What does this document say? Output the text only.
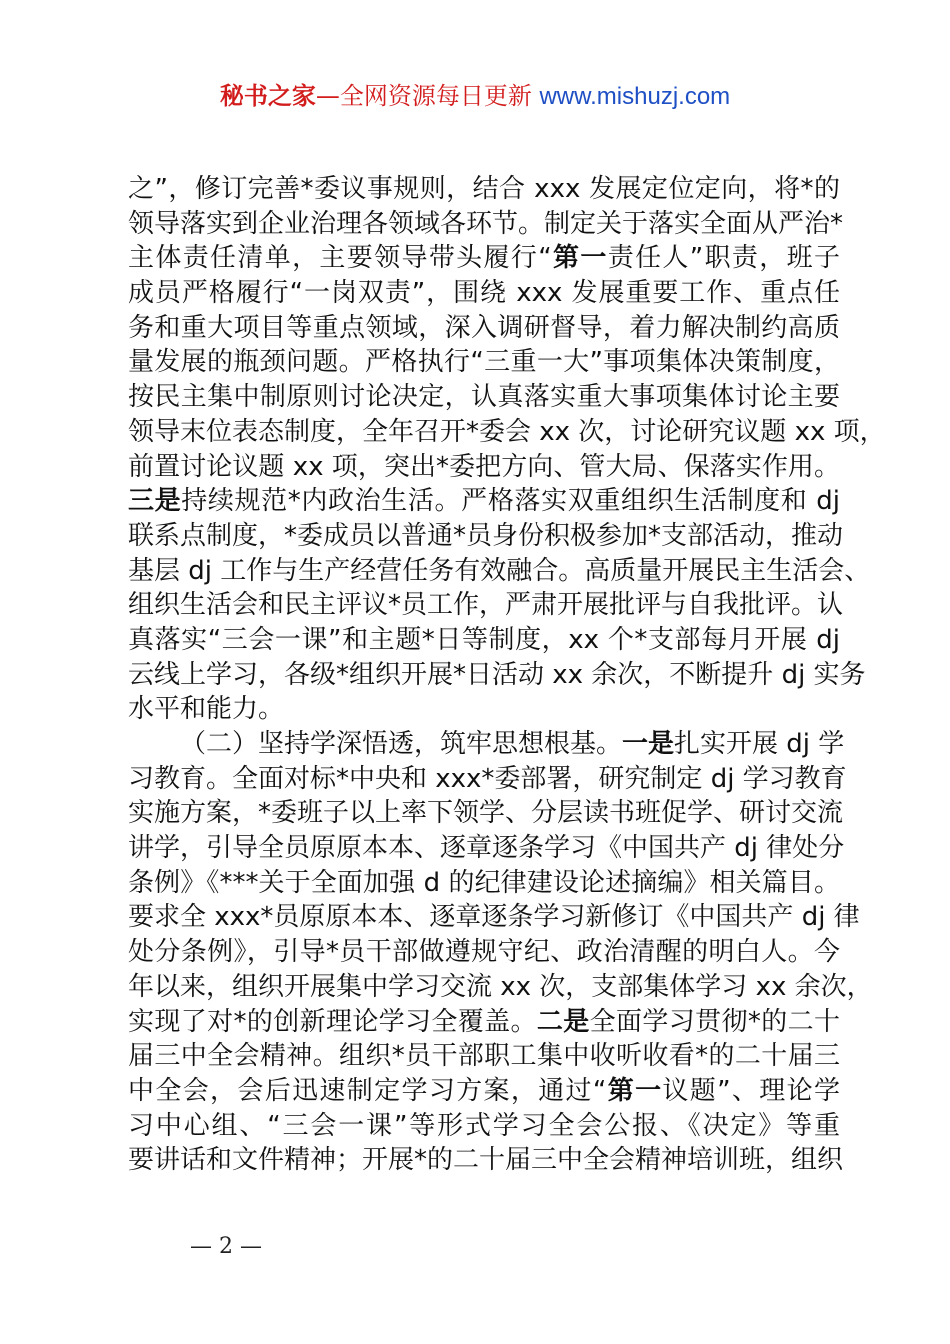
秘书之家—全网资源每日更新 www.mishuzj.com
之”，修订完善*委议事规则，结合 xxx 发展定位定向，将*的
领导落实到企业治理各领域各环节。制定关于落实全面从严治*
主体责任清单，主要领导带头履行“第一责任人”职责，班子
成员严格履行“一岗双责”，围绕 xxx 发展重要工作、重点任
务和重大项目等重点领域，深入调研督导，着力解决制约高质
量发展的瓶颈问题。严格执行“三重一大”事项集体决策制度，
按民主集中制原则讨论决定，认真落实重大事项集体讨论主要
领导末位表态制度，全年召开*委会 xx 次，讨论研究议题 xx 项，
前置讨论议题 xx 项，突出*委把方向、管大局、保落实作用。
三是持续规范*内政治生活。严格落实双重组织生活制度和 dj
联系点制度，*委成员以普通*员身份积极参加*支部活动，推动
基层 dj 工作与生产经营任务有效融合。高质量开展民主生活会、
组织生活会和民主评议*员工作，严肃开展批评与自我批评。认
真落实“三会一课”和主题*日等制度，xx 个*支部每月开展 dj
云线上学习，各级*组织开展*日活动 xx 余次，不断提升 dj 实务
水平和能力。
（二）坚持学深悟透，筑牢思想根基。一是扎实开展 dj 学
习教育。全面对标*中央和 xxx*委部署，研究制定 dj 学习教育
实施方案，*委班子以上率下领学、分层读书班促学、研讨交流
讲学，引导全员原原本本、逐章逐条学习《中国共产 dj 律处分
条例》《***关于全面加强 d 的纪律建设论述摘编》相关篇目。
要求全 xxx*员原原本本、逐章逐条学习新修订《中国共产 dj 律
处分条例》，引导*员干部做遵规守纪、政治清醒的明白人。今
年以来，组织开展集中学习交流 xx 次，支部集体学习 xx 余次，
实现了对*的创新理论学习全覆盖。二是全面学习贯彻*的二十
届三中全会精神。组织*员干部职工集中收听收看*的二十届三
中全会，会后迅速制定学习方案，通过“第一议题”、理论学
习中心组、“三会一课”等形式学习全会公报、《决定》等重
要讲话和文件精神；开展*的二十届三中全会精神培训班，组织
— 2 —
